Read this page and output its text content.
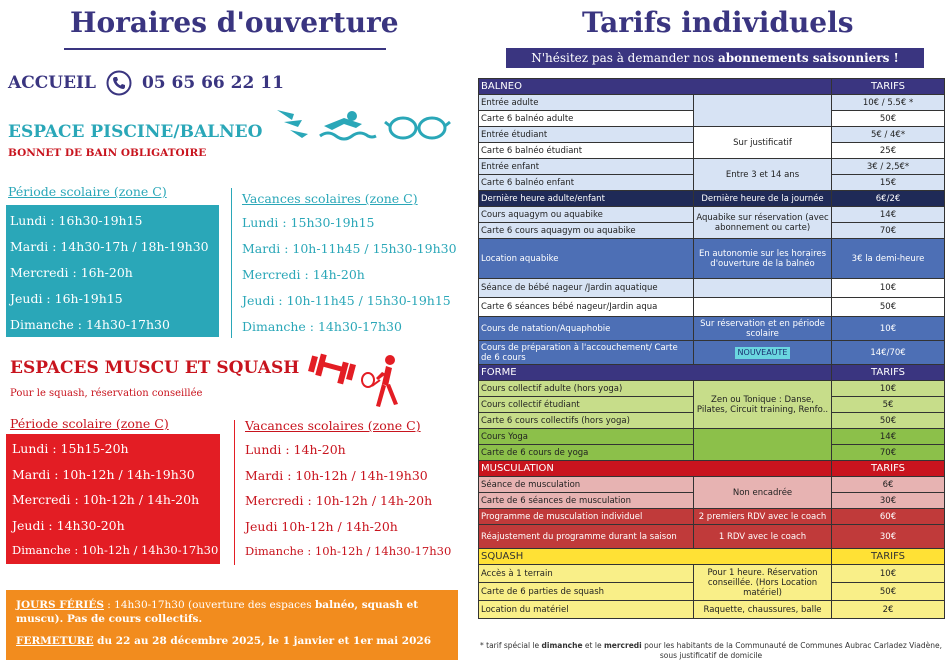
Horaires d'ouverture
ACCUEIL	05 65 66 22 11
ESPACE PISCINE/BALNEO
BONNET DE BAIN OBLIGATOIRE
Période scolaire (zone C)	Vacances scolaires (zone C)
Lundi : 16h30-19h15
Mardi : 14h30-17h / 18h-19h30
Mercredi : 16h-20h
Jeudi : 16h-19h15
Dimanche : 14h30-17h30
Lundi : 15h30-19h15
Mardi : 10h-11h45 / 15h30-19h30
Mercredi : 14h-20h
Jeudi : 10h-11h45 / 15h30-19h15
Dimanche : 14h30-17h30
ESPACES MUSCU ET SQUASH
Pour le squash, réservation conseillée
Période scolaire (zone C)	Vacances scolaires (zone C)
Lundi : 15h15-20h
Mardi : 10h-12h / 14h-19h30
Mercredi : 10h-12h / 14h-20h
Jeudi : 14h30-20h
Dimanche : 10h-12h / 14h30-17h30
Lundi : 14h-20h
Mardi : 10h-12h / 14h-19h30
Mercredi : 10h-12h / 14h-20h
Jeudi 10h-12h / 14h-20h
Dimanche : 10h-12h / 14h30-17h30
JOURS FÉRIÉS : 14h30-17h30 (ouverture des espaces balnéo, squash et muscu). Pas de cours collectifs.
FERMETURE du 22 au 28 décembre 2025, le 1 janvier et 1er mai 2026
Tarifs individuels
N'hésitez pas à demander nos abonnements saisonniers !
BALNEO		TARIFS
Entrée adulte		10€ / 5.5€ *
Carte 6 balnéo adulte		50€
Entrée étudiant	Sur justificatif	5€ / 4€*
Carte 6 balnéo étudiant		25€
Entrée enfant	Entre 3 et 14 ans	3€ / 2,5€*
Carte 6 balnéo enfant		15€
Dernière heure adulte/enfant	Dernière heure de la journée	6€/2€
Cours aquagym ou aquabike	Aquabike sur réservation (avec abonnement ou carte)	14€
Carte 6 cours aquagym ou aquabike		70€
Location aquabike	En autonomie sur les horaires d'ouverture de la balnéo	3€ la demi-heure
Séance de bébé nageur /Jardin aquatique		10€
Carte 6 séances bébé nageur/Jardin aqua		50€
Cours de natation/Aquaphobie	Sur réservation et en période scolaire	10€
Cours de préparation à l'accouchement/ Carte de 6 cours	NOUVEAUTE	14€/70€
FORME		TARIFS
Cours collectif adulte (hors yoga)	Zen ou Tonique : Danse, Pilates, Circuit training, Renfo..	10€
Cours collectif étudiant		5€
Carte 6 cours collectifs (hors yoga)		50€
Cours Yoga		14€
Carte de 6 cours de yoga		70€
MUSCULATION		TARIFS
Séance de musculation	Non encadrée	6€
Carte de 6 séances de musculation		30€
Programme de musculation individuel	2 premiers RDV avec le coach	60€
Réajustement du programme durant la saison	1 RDV avec le coach	30€
SQUASH		TARIFS
Accès à 1 terrain	Pour 1 heure. Réservation conseillée. (Hors Location matériel)	10€
Carte de 6 parties de squash		50€
Location du matériel	Raquette, chaussures, balle	2€
* tarif spécial le dimanche et le mercredi pour les habitants de la Communauté de Communes Aubrac Carladez Viadène, sous justificatif de domicile
